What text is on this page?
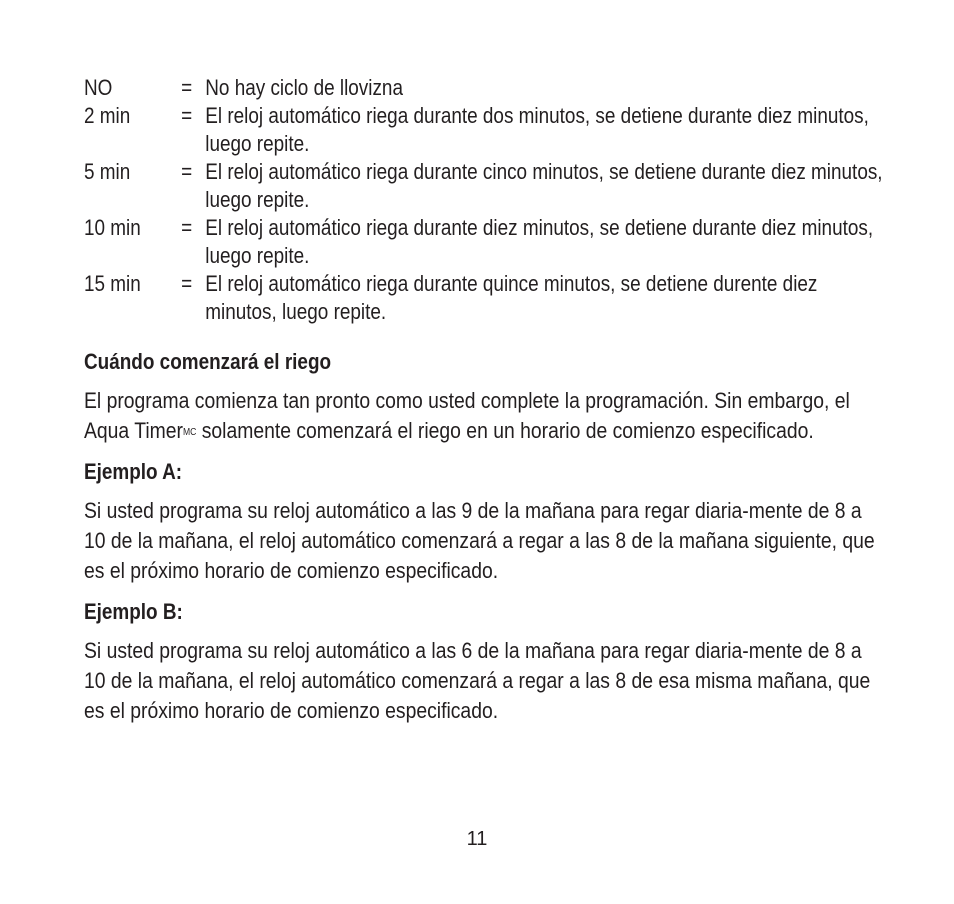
NO	= No hay ciclo de llovizna
2 min	= El reloj automático riega durante dos minutos, se detiene durante diez minutos, luego repite.
5 min	= El reloj automático riega durante cinco minutos, se detiene durante diez minutos, luego repite.
10 min	= El reloj automático riega durante diez minutos, se detiene durante diez minutos, luego repite.
15 min	= El reloj automático riega durante quince minutos, se detiene durente diez minutos, luego repite.
Cuándo comenzará el riego
El programa comienza tan pronto como usted complete la programación. Sin embargo, el Aqua Timer$^{MC}$ solamente comenzará el riego en un horario de comienzo especificado.
Ejemplo A:
Si usted programa su reloj automático a las 9 de la mañana para regar diaria-mente de 8 a 10 de la mañana, el reloj automático comenzará a regar a las 8 de la mañana siguiente, que es el próximo horario de comienzo especificado.
Ejemplo B:
Si usted programa su reloj automático a las 6 de la mañana para regar diaria-mente de 8 a 10 de la mañana, el reloj automático comenzará a regar a las 8 de esa misma mañana, que es el próximo horario de comienzo especificado.
11
